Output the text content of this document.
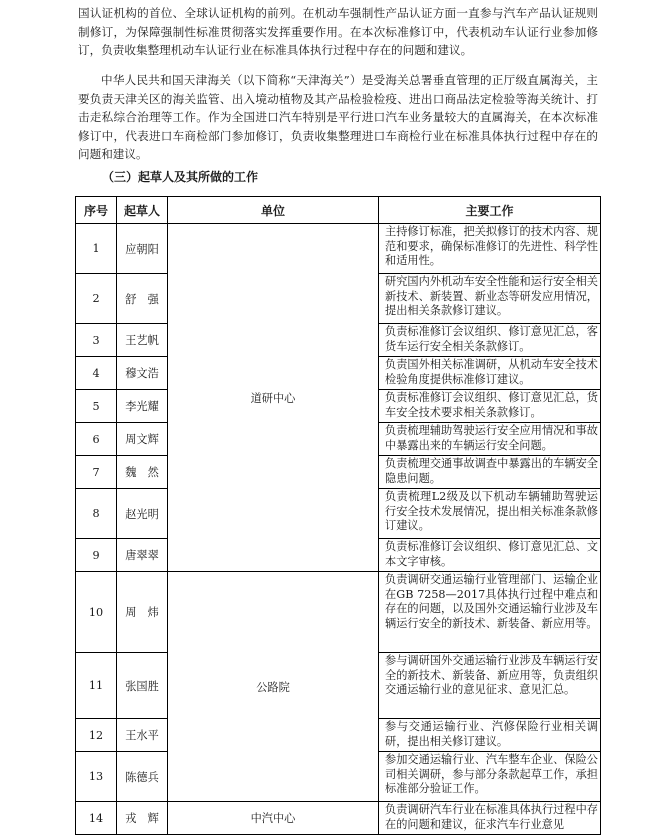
国认证机构的首位、全球认证机构的前列。在机动车强制性产品认证方面一直参与汽车产品认证规则制修订，为保障强制性标准贯彻落实发挥重要作用。在本次标准修订中，代表机动车认证行业参加修订，负责收集整理机动车认证行业在标准具体执行过程中存在的问题和建议。

中华人民共和国天津海关（以下简称“天津海关”）是受海关总署垂直管理的正厅级直属海关，主要负责天津关区的海关监管、出入境动植物及其产品检验检疫、进出口商品法定检验等海关统计、打击走私综合治理等工作。作为全国进口汽车特别是平行进口汽车业务量较大的直属海关，在本次标准修订中，代表进口车商检部门参加修订，负责收集整理进口车商检行业在标准具体执行过程中存在的问题和建议。

（三）起草人及其所做的工作

序号	起草人	单位	主要工作
1	应朝阳	道研中心	主持修订标准，把关拟修订的技术内容、规范和要求，确保标准修订的先进性、科学性和适用性。
2	舒　强		研究国内外机动车安全性能和运行安全相关新技术、新装置、新业态等研发应用情况，提出相关条款修订建议。
3	王艺帆		负责标准修订会议组织、修订意见汇总，客货车运行安全相关条款修订。
4	穆文浩		负责国外相关标准调研，从机动车安全技术检验角度提供标准修订建议。
5	李光耀		负责标准修订会议组织、修订意见汇总，货车安全技术要求相关条款修订。
6	周文辉		负责梳理辅助驾驶运行安全应用情况和事故中暴露出来的车辆运行安全问题。
7	魏　然		负责梳理交通事故调查中暴露出的车辆安全隐患问题。
8	赵光明		负责梳理L2级及以下机动车辆辅助驾驶运行安全技术发展情况，提出相关标准条款修订建议。
9	唐翠翠		负责标准修订会议组织、修订意见汇总、文本文字审核。
10	周　炜	公路院	负责调研交通运输行业管理部门、运输企业在GB 7258—2017具体执行过程中难点和存在的问题，以及国外交通运输行业涉及车辆运行安全的新技术、新装备、新应用等。
11	张国胜		参与调研国外交通运输行业涉及车辆运行安全的新技术、新装备、新应用等，负责组织交通运输行业的意见征求、意见汇总。
12	王水平		参与交通运输行业、汽修保险行业相关调研，提出相关修订建议。
13	陈德兵		参加交通运输行业、汽车整车企业、保险公司相关调研，参与部分条款起草工作，承担标准部分验证工作。
14	戎　辉	中汽中心	负责调研汽车行业在标准具体执行过程中存在的问题和建议，征求汽车行业意见
